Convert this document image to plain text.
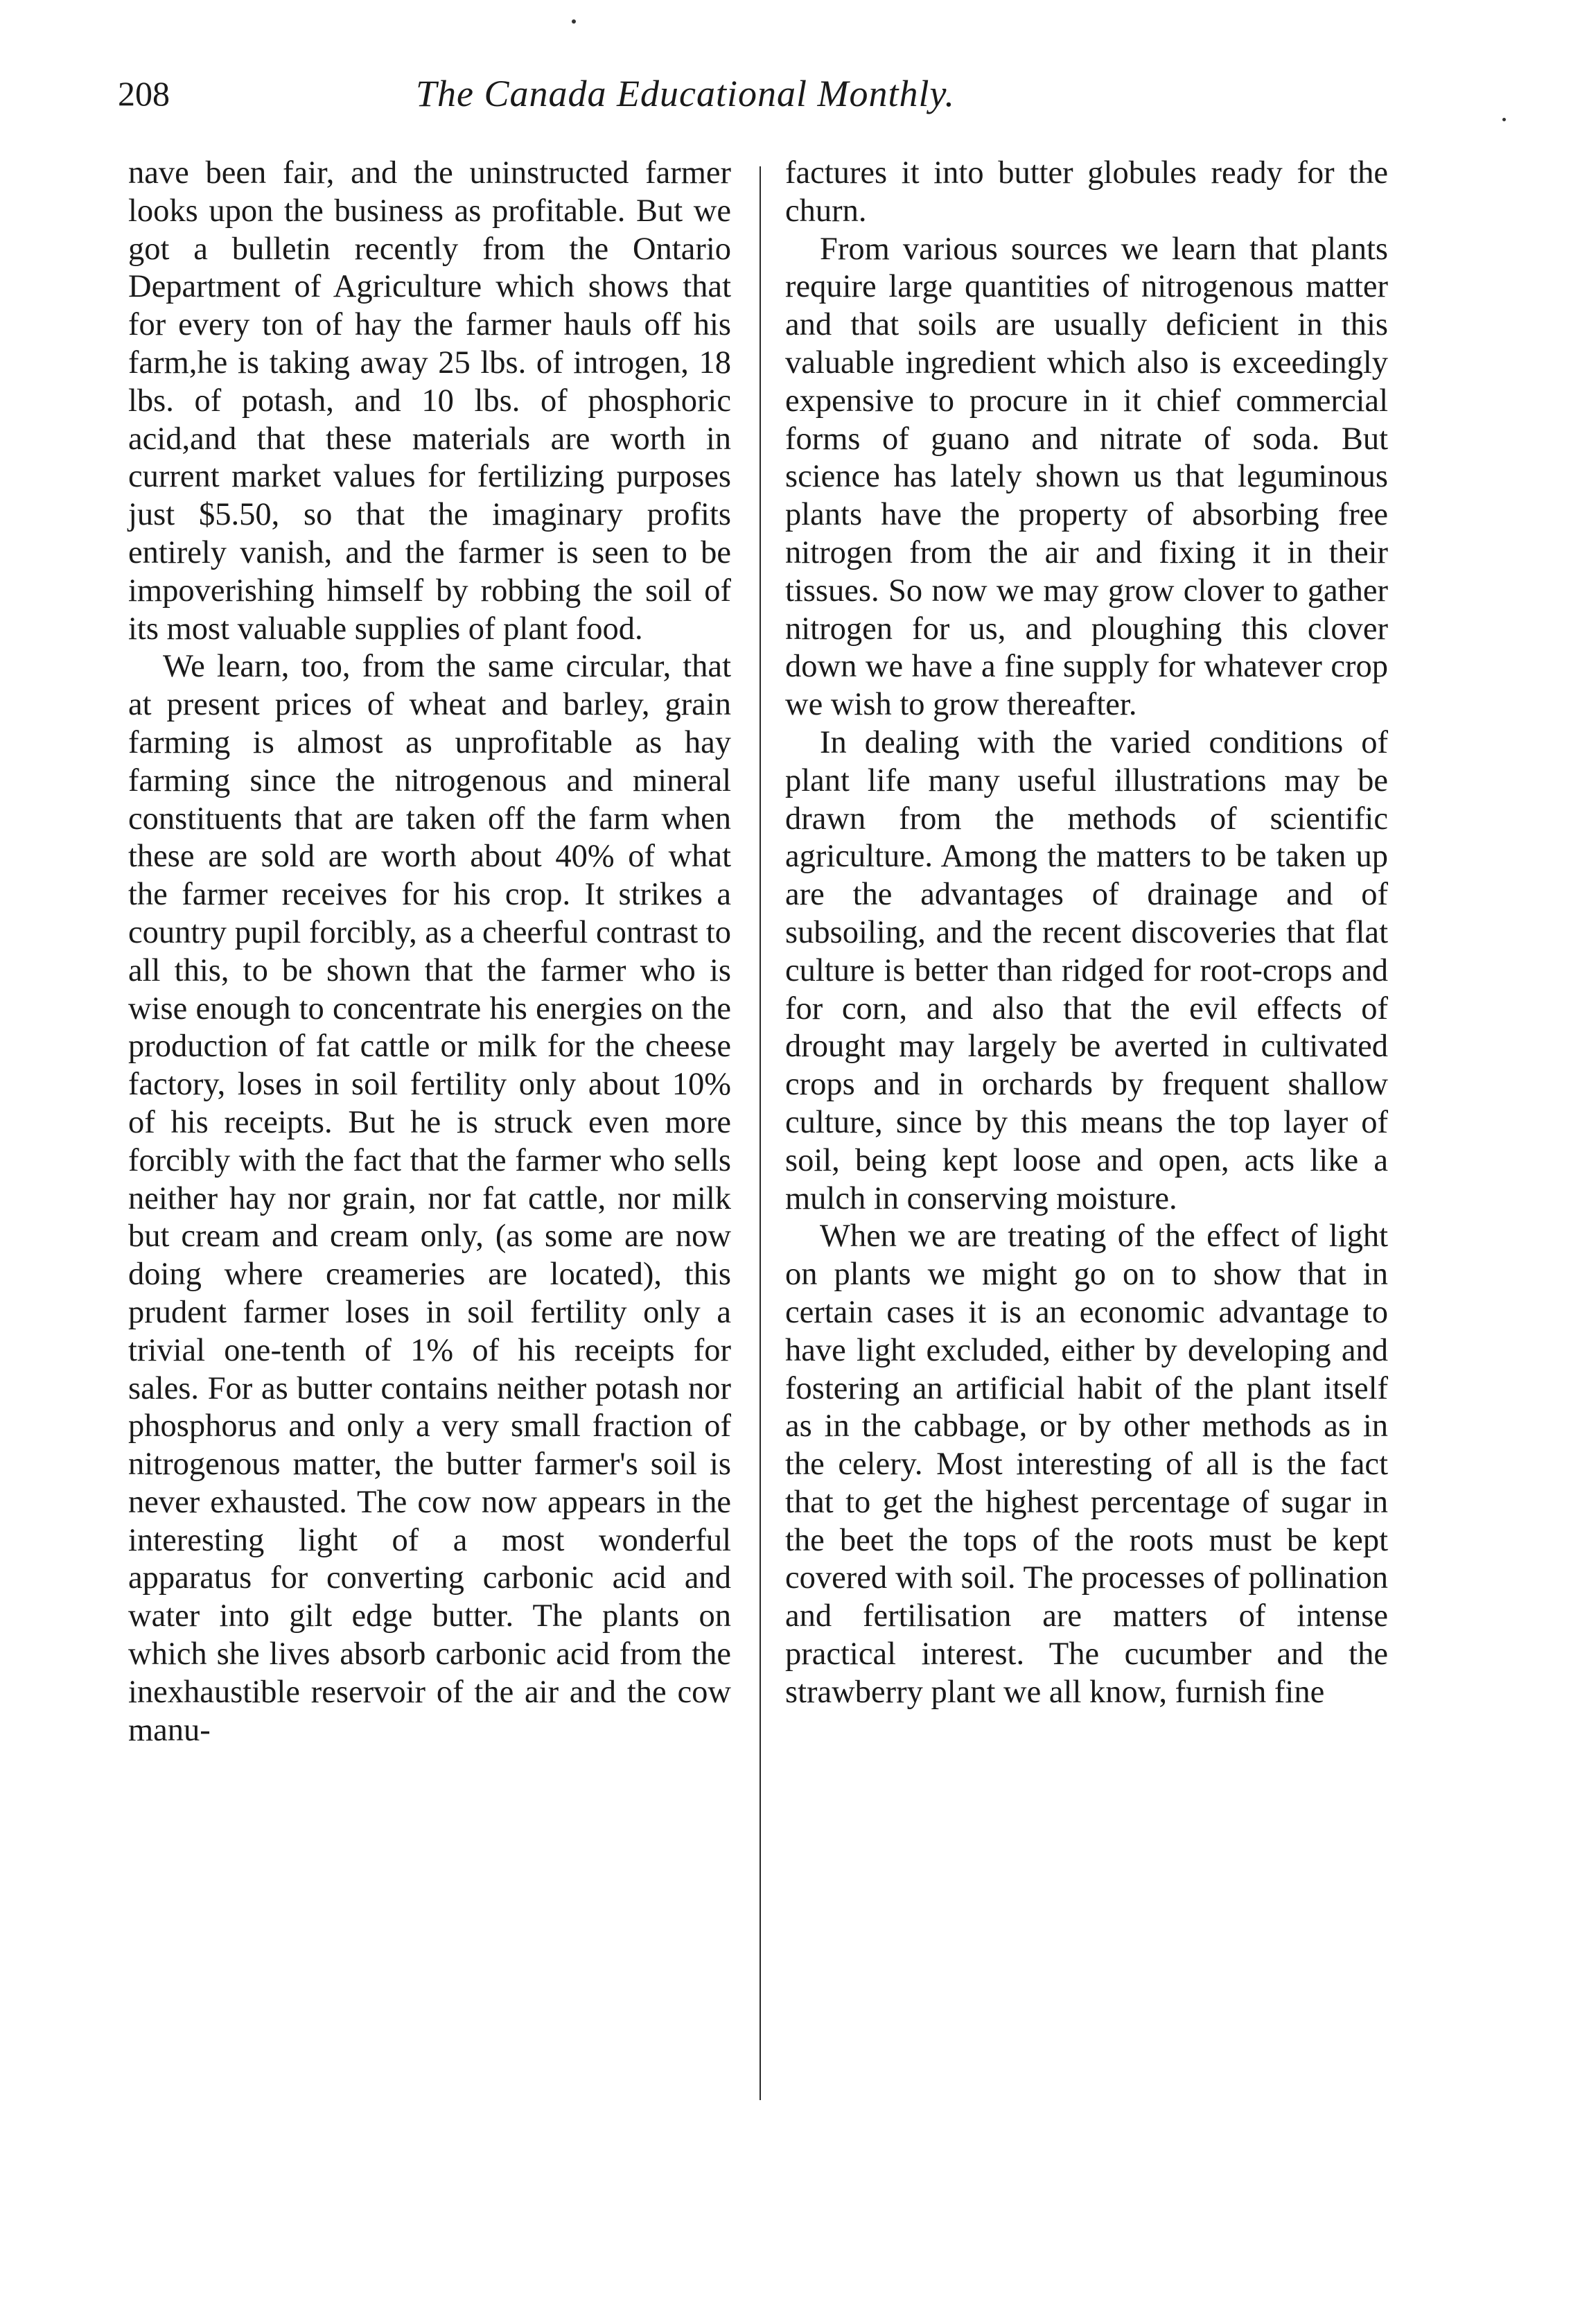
208	The Canada Educational Monthly.

nave been fair, and the uninstructed farmer looks upon the business as profitable. But we got a bulletin recently from the Ontario Department of Agriculture which shows that for every ton of hay the farmer hauls off his farm,he is taking away 25 lbs. of introgen, 18 lbs. of potash, and 10 lbs. of phosphoric acid,and that these materials are worth in current market values for fertilizing purposes just $5.50, so that the imaginary profits entirely vanish, and the farmer is seen to be impoverishing himself by robbing the soil of its most valuable supplies of plant food.

We learn, too, from the same circular, that at present prices of wheat and barley, grain farming is almost as unprofitable as hay farming since the nitrogenous and mineral constituents that are taken off the farm when these are sold are worth about 40% of what the farmer receives for his crop. It strikes a country pupil forcibly, as a cheerful contrast to all this, to be shown that the farmer who is wise enough to concentrate his energies on the production of fat cattle or milk for the cheese factory, loses in soil fertility only about 10% of his receipts. But he is struck even more forcibly with the fact that the farmer who sells neither hay nor grain, nor fat cattle, nor milk but cream and cream only, (as some are now doing where creameries are located), this prudent farmer loses in soil fertility only a trivial one-tenth of 1% of his receipts for sales. For as butter contains neither potash nor phosphorus and only a very small fraction of nitrogenous matter, the butter farmer's soil is never exhausted. The cow now appears in the interesting light of a most wonderful apparatus for converting carbonic acid and water into gilt edge butter. The plants on which she lives absorb carbonic acid from the inexhaustible reservoir of the air and the cow manu-

factures it into butter globules ready for the churn.

From various sources we learn that plants require large quantities of nitrogenous matter and that soils are usually deficient in this valuable ingredient which also is exceedingly expensive to procure in it chief commercial forms of guano and nitrate of soda. But science has lately shown us that leguminous plants have the property of absorbing free nitrogen from the air and fixing it in their tissues. So now we may grow clover to gather nitrogen for us, and ploughing this clover down we have a fine supply for whatever crop we wish to grow thereafter.

In dealing with the varied conditions of plant life many useful illustrations may be drawn from the methods of scientific agriculture. Among the matters to be taken up are the advantages of drainage and of subsoiling, and the recent discoveries that flat culture is better than ridged for root-crops and for corn, and also that the evil effects of drought may largely be averted in cultivated crops and in orchards by frequent shallow culture, since by this means the top layer of soil, being kept loose and open, acts like a mulch in conserving moisture.

When we are treating of the effect of light on plants we might go on to show that in certain cases it is an economic advantage to have light excluded, either by developing and fostering an artificial habit of the plant itself as in the cabbage, or by other methods as in the celery. Most interesting of all is the fact that to get the highest percentage of sugar in the beet the tops of the roots must be kept covered with soil. The processes of pollination and fertilisation are matters of intense practical interest. The cucumber and the strawberry plant we all know, furnish fine
